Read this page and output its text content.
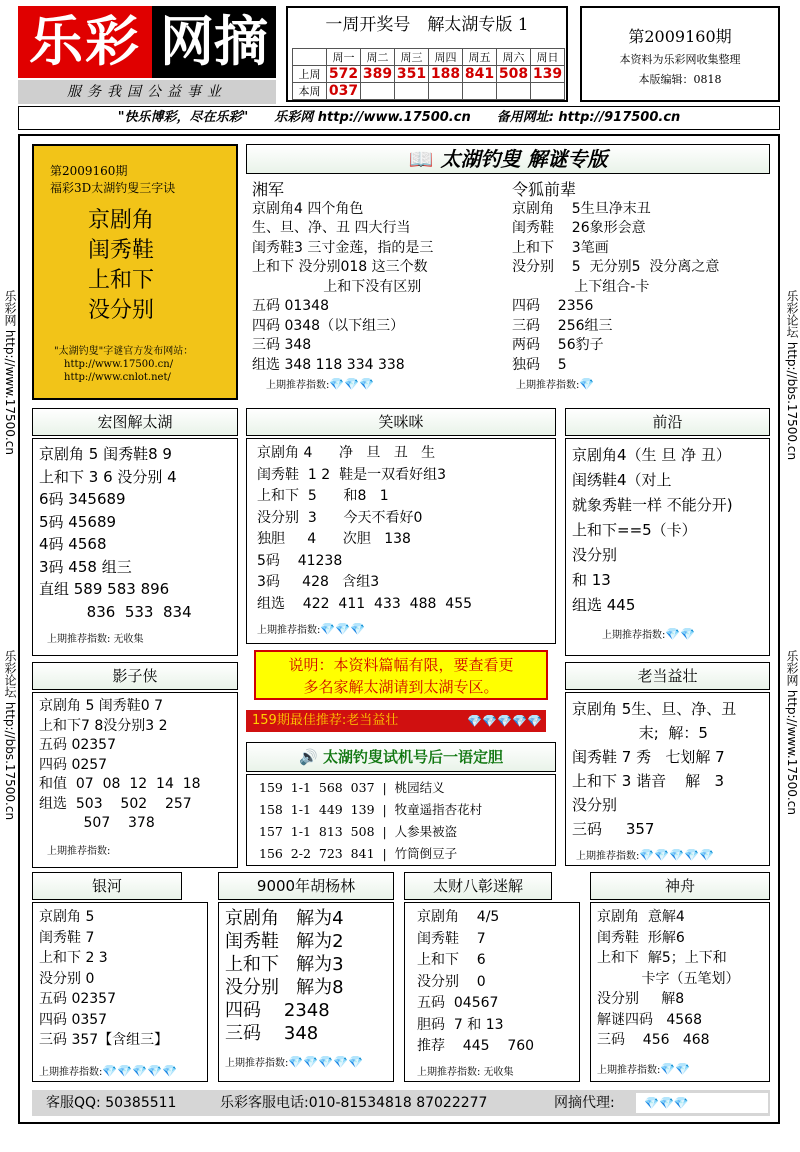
乐彩 网摘
服务我国公益事业
一周开奖号　解太湖专版 1
	周一	周二	周三	周四	周五	周六	周日
上周	572	389	351	188	841	508	139
本周	037						
第2009160期
本资料为乐彩网收集整理
本版编辑：0818
"快乐博彩，尽在乐彩"　　乐彩网 http://www.17500.cn　　备用网址: http://917500.cn
乐彩网 http://www.17500.cn
乐彩论坛 http://bbs.17500.cn
乐彩论坛 http://bbs.17500.cn
乐彩网 http://www.17500.cn
第2009160期
福彩3D太湖钓叟三字诀
京剧角
闺秀鞋
上和下
没分别
"太湖钓叟"字谜官方发布网站：
http://www.17500.cn/
http://www.cnlot.net/
📖 太湖钓叟 解谜专版
湘军
京剧角4 四个角色
生、旦、净、丑 四大行当
闺秀鞋3 三寸金莲，指的是三
上和下 没分别018 这三个数
上和下没有区别
五码 01348
四码 0348（以下组三）
三码 348
组选 348 118 334 338
上期推荐指数:💎💎💎
令狐前辈
京剧角    5生旦净末丑
闺秀鞋    26象形会意
上和下    3笔画
没分别    5  无分别5  没分离之意
上下组合-卡
四码    2356
三码    256组三
两码    56豹子
独码    5
上期推荐指数:💎
宏图解太湖
京剧角 5 闺秀鞋8 9
上和下 3 6 没分别 4
6码 345689
5码 45689
4码 4568
3码 458 组三
直组 589 583 896
836  533  834
上期推荐指数: 无收集
笑咪咪
京剧角 4      净   旦   丑   生
闺秀鞋  1 2  鞋是一双看好组3
上和下  5      和8   1
没分别  3      今天不看好0
独胆     4      次胆   138
5码    41238
3码     428   含组3
组选    422  411  433  488  455
上期推荐指数:💎💎💎
前沿
京剧角4（生 旦 净 丑）
闺绣鞋4（对上
就象秀鞋一样 不能分开)
上和下==5（卡）
没分别
和 13
组选 445
上期推荐指数:💎💎
说明：本资料篇幅有限，要查看更
多名家解太湖请到太湖专区。
影子侠
京剧角 5 闺秀鞋0 7
上和下7 8没分别3 2
五码 02357
四码 0257
和值  07  08  12  14  18
组选  503    502    257
507    378
上期推荐指数:
159期最佳推荐:老当益壮	💎💎💎💎💎
🔊 太湖钓叟试机号后一语定胆
159  1-1  568  037  |  桃园结义
158  1-1  449  139  |  牧童遥指杏花村
157  1-1  813  508  |  人参果被盗
156  2-2  723  841  |  竹筒倒豆子
老当益壮
京剧角 5生、旦、净、丑
末;  解：5
闺秀鞋 7 秀   七划解 7
上和下 3 谐音    解   3
没分别
三码     357
上期推荐指数:💎💎💎💎💎
银河
京剧角 5
闺秀鞋 7
上和下 2 3
没分别 0
五码 02357
四码 0357
三码 357【含组三】
上期推荐指数:💎💎💎💎💎
9000年胡杨林
京剧角   解为4
闺秀鞋   解为2
上和下   解为3
没分别   解为8
四码    2348
三码    348
上期推荐指数:💎💎💎💎💎
太财八彰迷解
京剧角    4/5
闺秀鞋    7
上和下    6
没分别    0
五码  04567
胆码  7 和 13
推荐    445    760
上期推荐指数: 无收集
神舟
京剧角  意解4
闺秀鞋  形解6
上和下  解5；上下和
卡字（五笔划）
没分别     解8
解谜四码   4568
三码    456   468
上期推荐指数:💎💎
客服QQ: 50385511	乐彩客服电话:010-81534818 87022277	网摘代理:	💎💎💎
